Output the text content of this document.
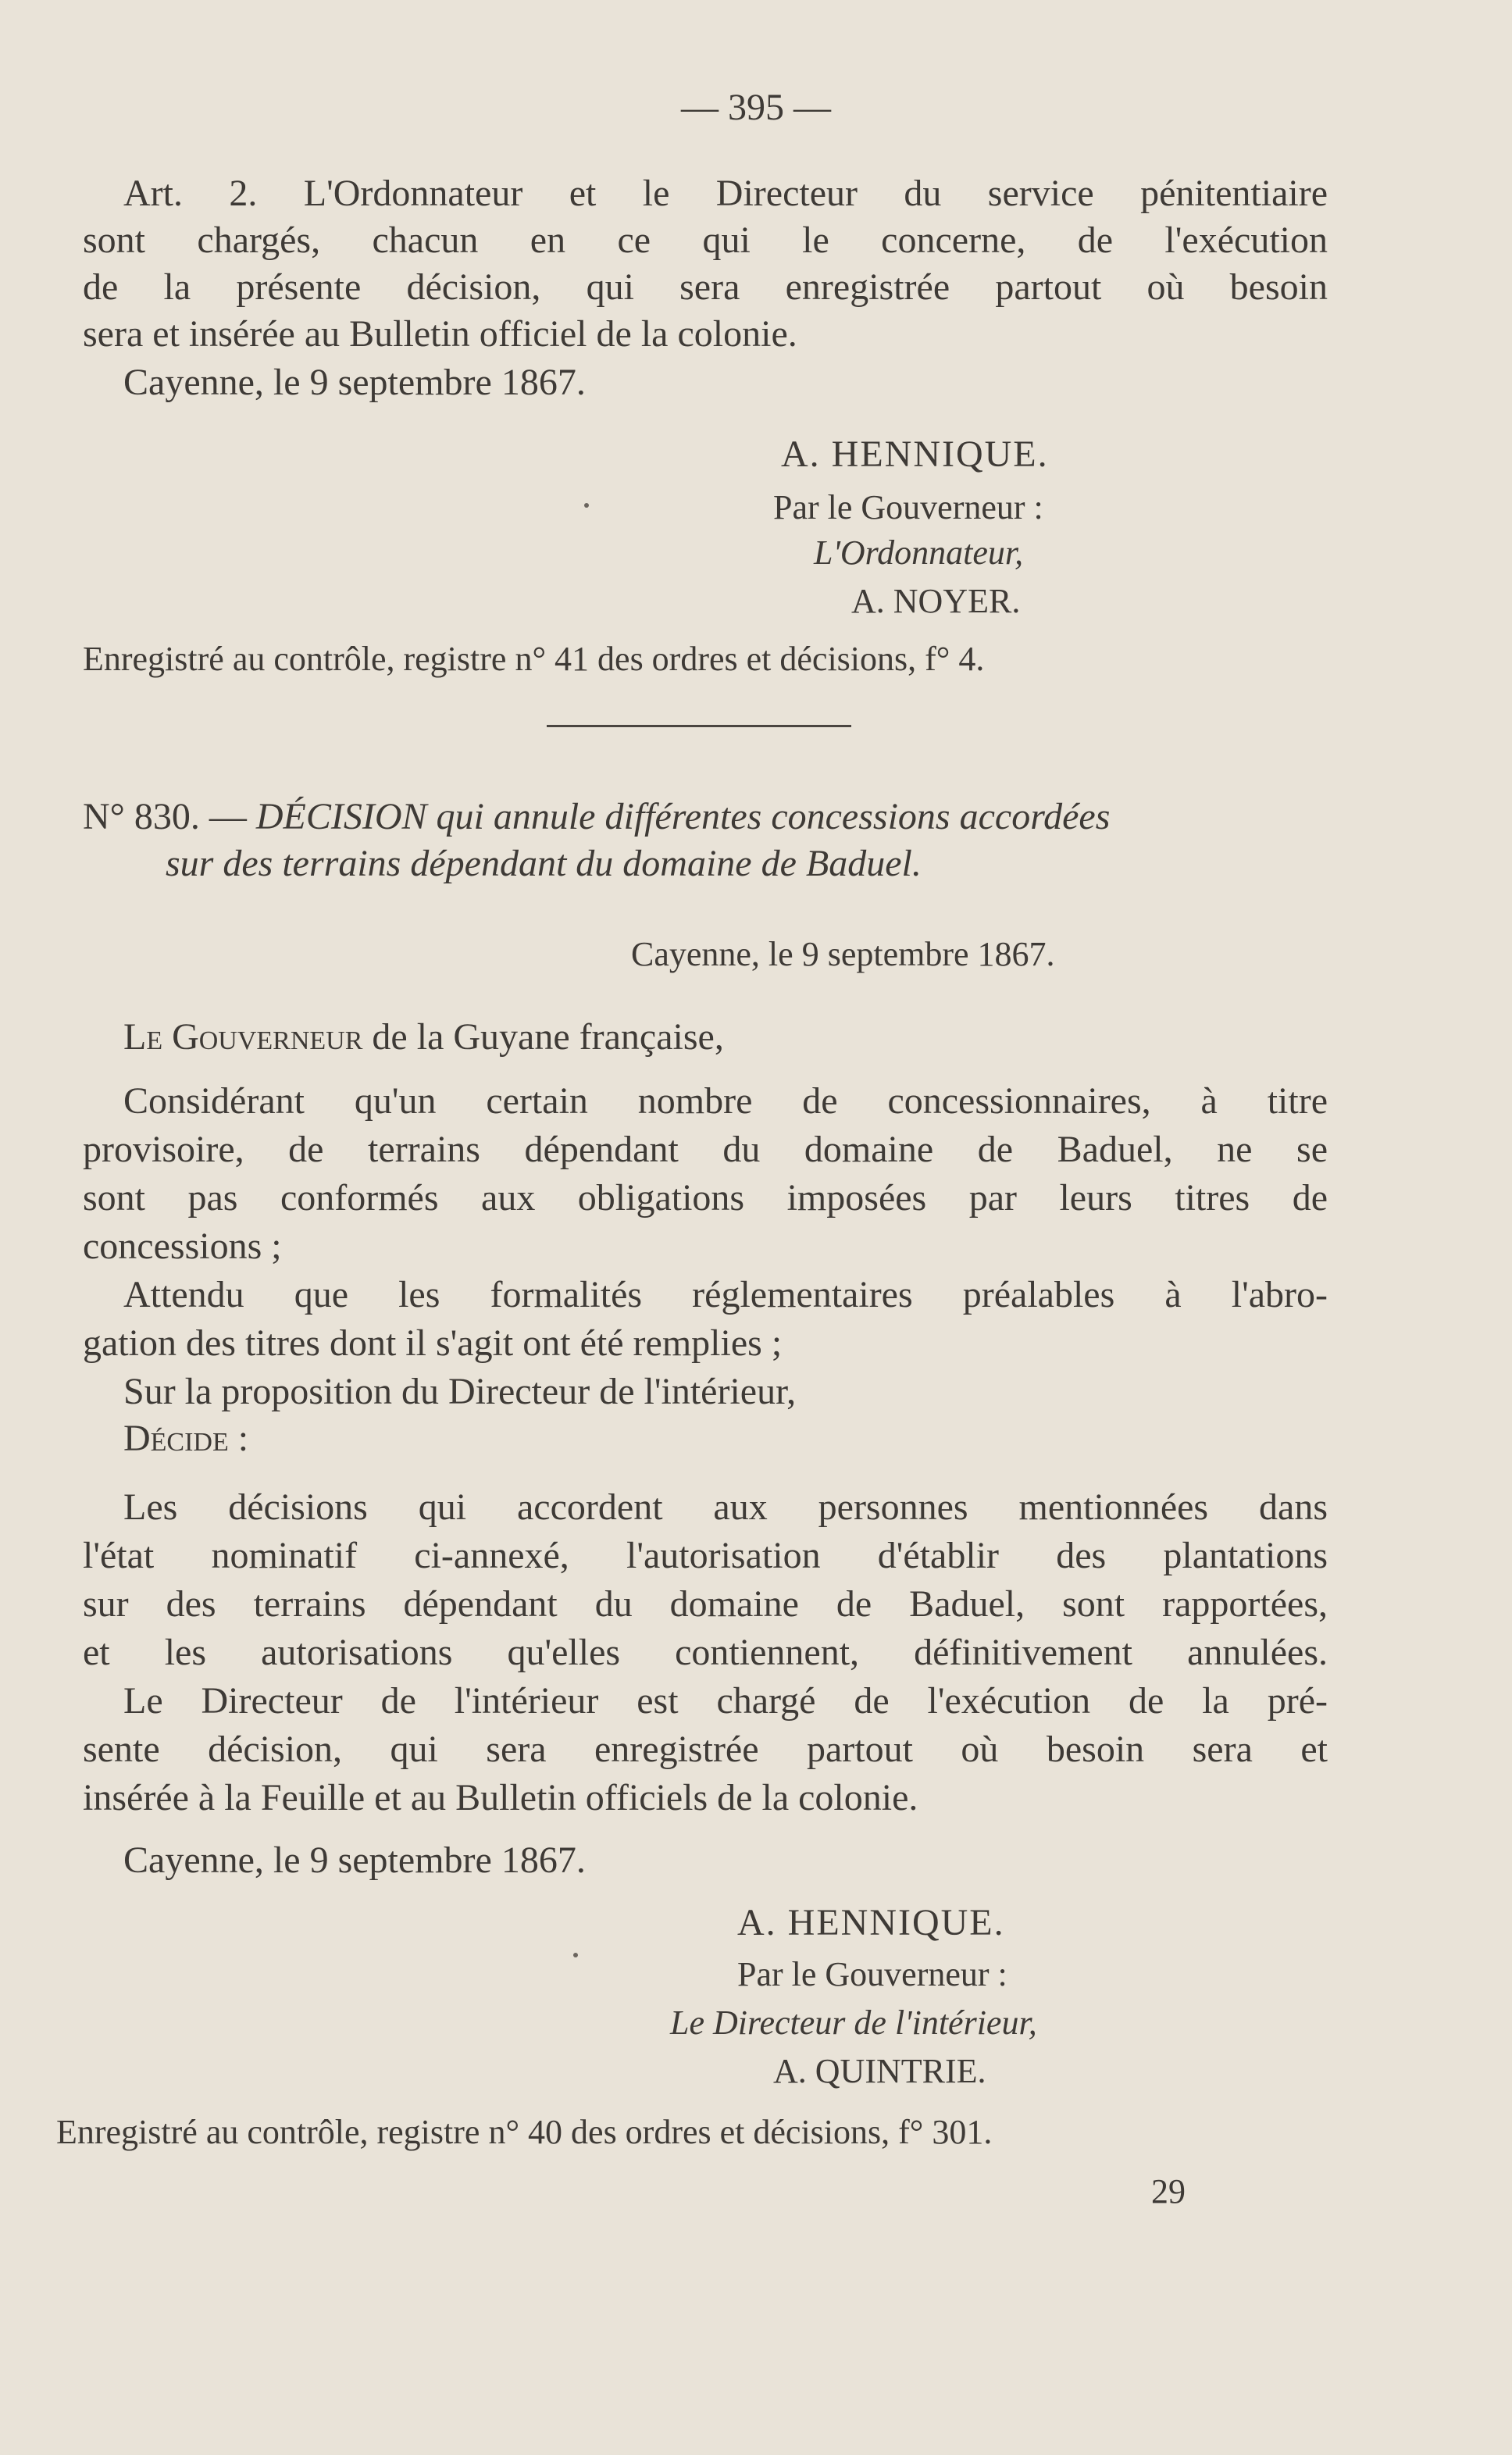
— 395 —
Art. 2. L'Ordonnateur et le Directeur du service pénitentiaire
sont chargés, chacun en ce qui le concerne, de l'exécution
de la présente décision, qui sera enregistrée partout où besoin
sera et insérée au Bulletin officiel de la colonie.
Cayenne, le 9 septembre 1867.
A. HENNIQUE.
Par le Gouverneur :
L'Ordonnateur,
A. NOYER.
Enregistré au contrôle, registre n° 41 des ordres et décisions, f° 4.
N° 830. — DÉCISION qui annule différentes concessions accordées
sur des terrains dépendant du domaine de Baduel.
Cayenne, le 9 septembre 1867.
Le Gouverneur de la Guyane française,
Considérant qu'un certain nombre de concessionnaires, à titre
provisoire, de terrains dépendant du domaine de Baduel, ne se
sont pas conformés aux obligations imposées par leurs titres de
concessions ;
Attendu que les formalités réglementaires préalables à l'abro-
gation des titres dont il s'agit ont été remplies ;
Sur la proposition du Directeur de l'intérieur,
Décide :
Les décisions qui accordent aux personnes mentionnées dans
l'état nominatif ci-annexé, l'autorisation d'établir des plantations
sur des terrains dépendant du domaine de Baduel, sont rapportées,
et les autorisations qu'elles contiennent, définitivement annulées.
Le Directeur de l'intérieur est chargé de l'exécution de la pré-
sente décision, qui sera enregistrée partout où besoin sera et
insérée à la Feuille et au Bulletin officiels de la colonie.
Cayenne, le 9 septembre 1867.
A. HENNIQUE.
Par le Gouverneur :
Le Directeur de l'intérieur,
A. QUINTRIE.
Enregistré au contrôle, registre n° 40 des ordres et décisions, f° 301.
29
